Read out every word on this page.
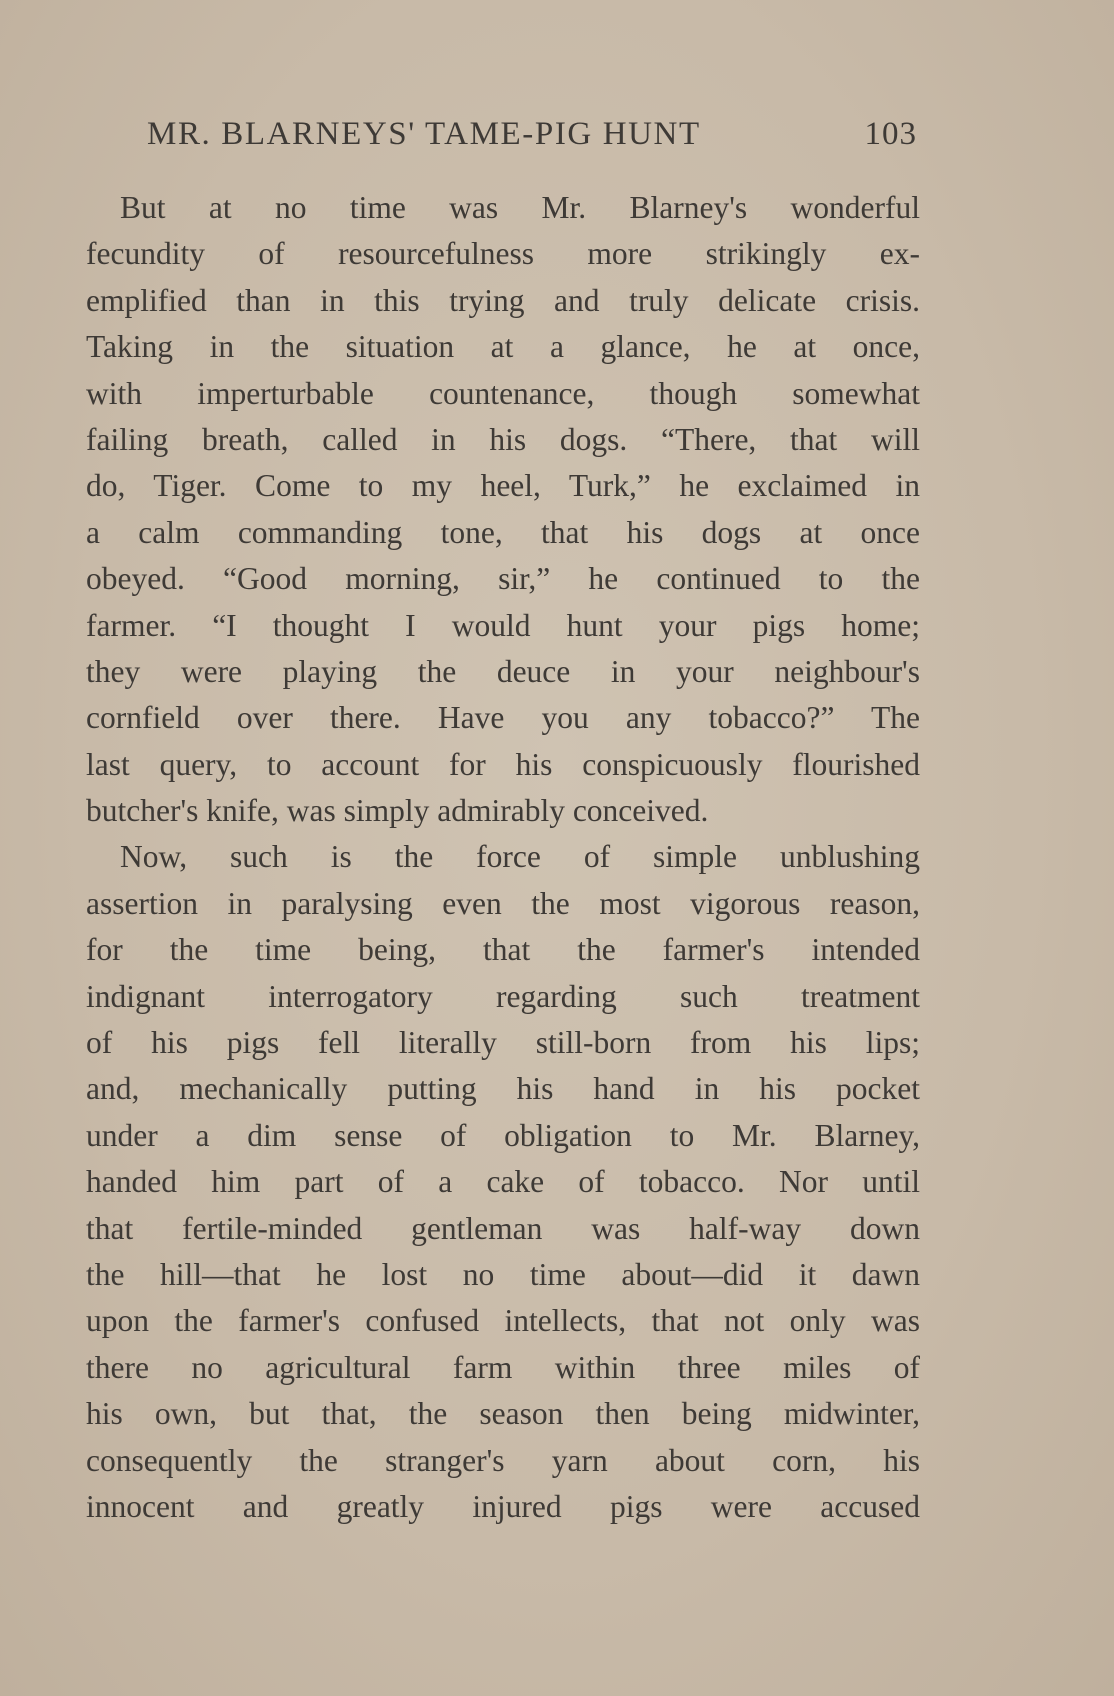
MR. BLARNEYS' TAME-PIG HUNT	103
But at no time was Mr. Blarney's wonderful
fecundity of resourcefulness more strikingly ex-
emplified than in this trying and truly delicate crisis.
Taking in the situation at a glance, he at once,
with imperturbable countenance, though somewhat
failing breath, called in his dogs. “There, that will
do, Tiger. Come to my heel, Turk,” he exclaimed in
a calm commanding tone, that his dogs at once
obeyed. “Good morning, sir,” he continued to the
farmer. “I thought I would hunt your pigs home;
they were playing the deuce in your neighbour's
cornfield over there. Have you any tobacco?” The
last query, to account for his conspicuously flourished
butcher's knife, was simply admirably conceived.
Now, such is the force of simple unblushing
assertion in paralysing even the most vigorous reason,
for the time being, that the farmer's intended
indignant interrogatory regarding such treatment
of his pigs fell literally still-born from his lips;
and, mechanically putting his hand in his pocket
under a dim sense of obligation to Mr. Blarney,
handed him part of a cake of tobacco. Nor until
that fertile-minded gentleman was half-way down
the hill—that he lost no time about—did it dawn
upon the farmer's confused intellects, that not only was
there no agricultural farm within three miles of
his own, but that, the season then being midwinter,
consequently the stranger's yarn about corn, his
innocent and greatly injured pigs were accused
